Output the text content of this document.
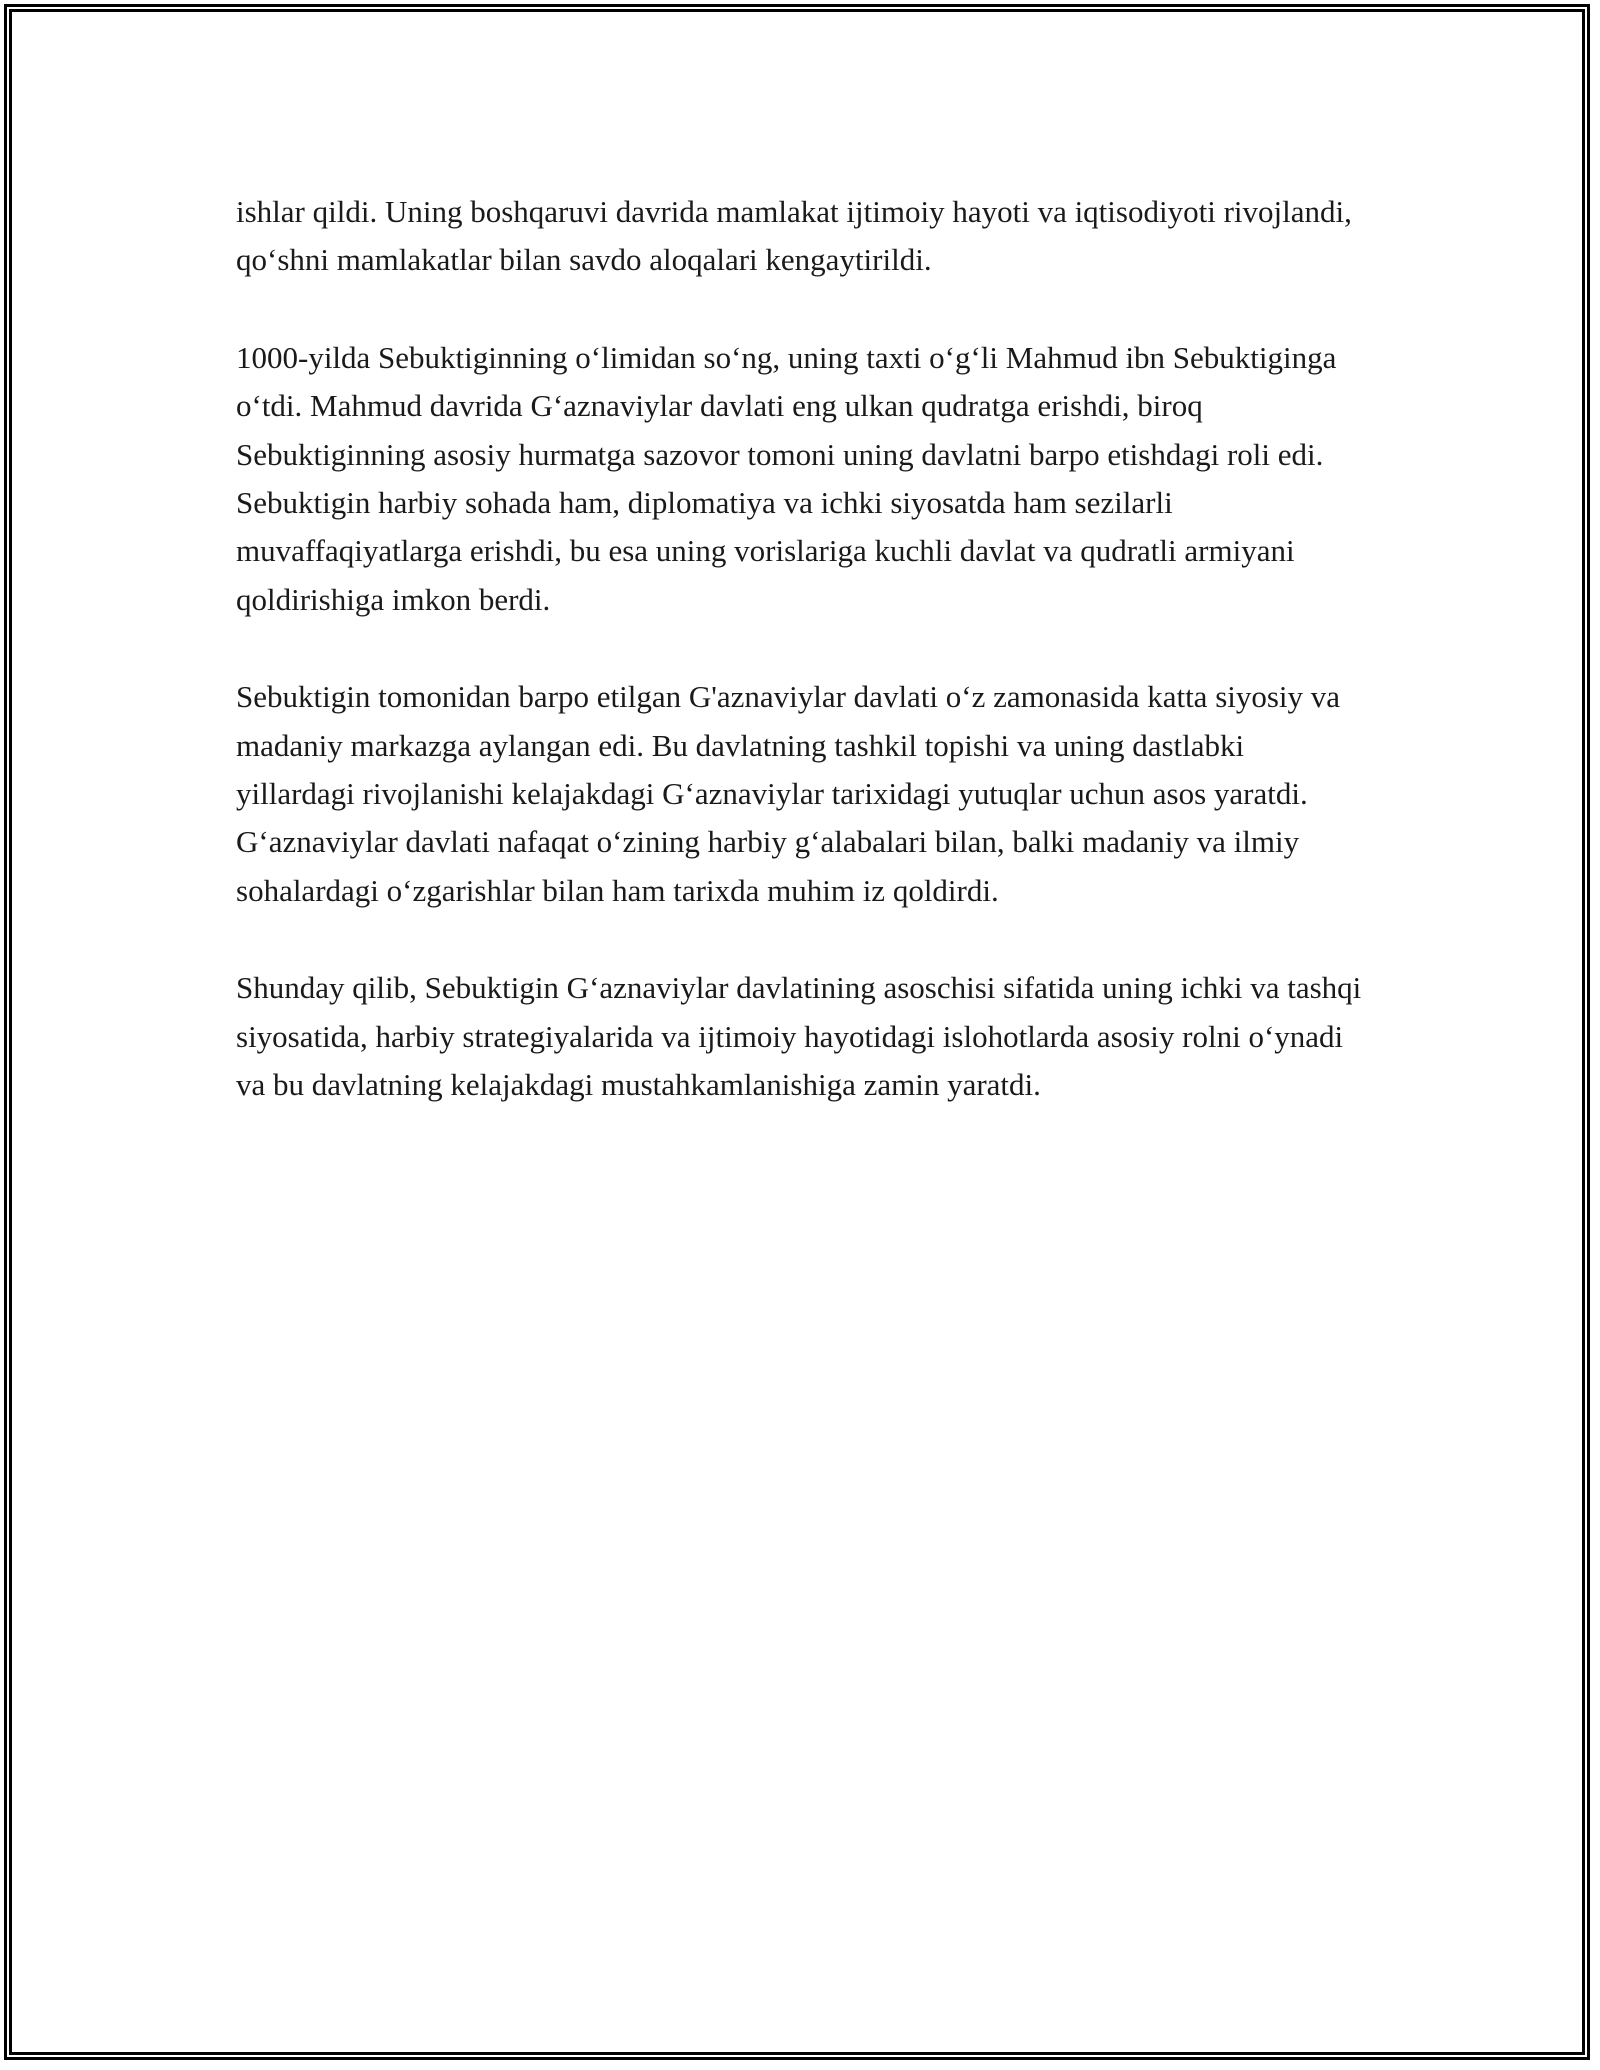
ishlar qildi. Uning boshqaruvi davrida mamlakat ijtimoiy hayoti va iqtisodiyoti rivojlandi, qo‘shni mamlakatlar bilan savdo aloqalari kengaytirildi.

1000-yilda Sebuktiginning o‘limidan so‘ng, uning taxti o‘g‘li Mahmud ibn Sebuktiginga o‘tdi. Mahmud davrida G‘aznaviylar davlati eng ulkan qudratga erishdi, biroq Sebuktiginning asosiy hurmatga sazovor tomoni uning davlatni barpo etishdagi roli edi. Sebuktigin harbiy sohada ham, diplomatiya va ichki siyosatda ham sezilarli muvaffaqiyatlarga erishdi, bu esa uning vorislariga kuchli davlat va qudratli armiyani qoldirishiga imkon berdi.

Sebuktigin tomonidan barpo etilgan G'aznaviylar davlati o‘z zamonasida katta siyosiy va madaniy markazga aylangan edi. Bu davlatning tashkil topishi va uning dastlabki yillardagi rivojlanishi kelajakdagi G‘aznaviylar tarixidagi yutuqlar uchun asos yaratdi. G‘aznaviylar davlati nafaqat o‘zining harbiy g‘alabalari bilan, balki madaniy va ilmiy sohalardagi o‘zgarishlar bilan ham tarixda muhim iz qoldirdi.

Shunday qilib, Sebuktigin G‘aznaviylar davlatining asoschisi sifatida uning ichki va tashqi siyosatida, harbiy strategiyalarida va ijtimoiy hayotidagi islohotlarda asosiy rolni o‘ynadi va bu davlatning kelajakdagi mustahkamlanishiga zamin yaratdi.
